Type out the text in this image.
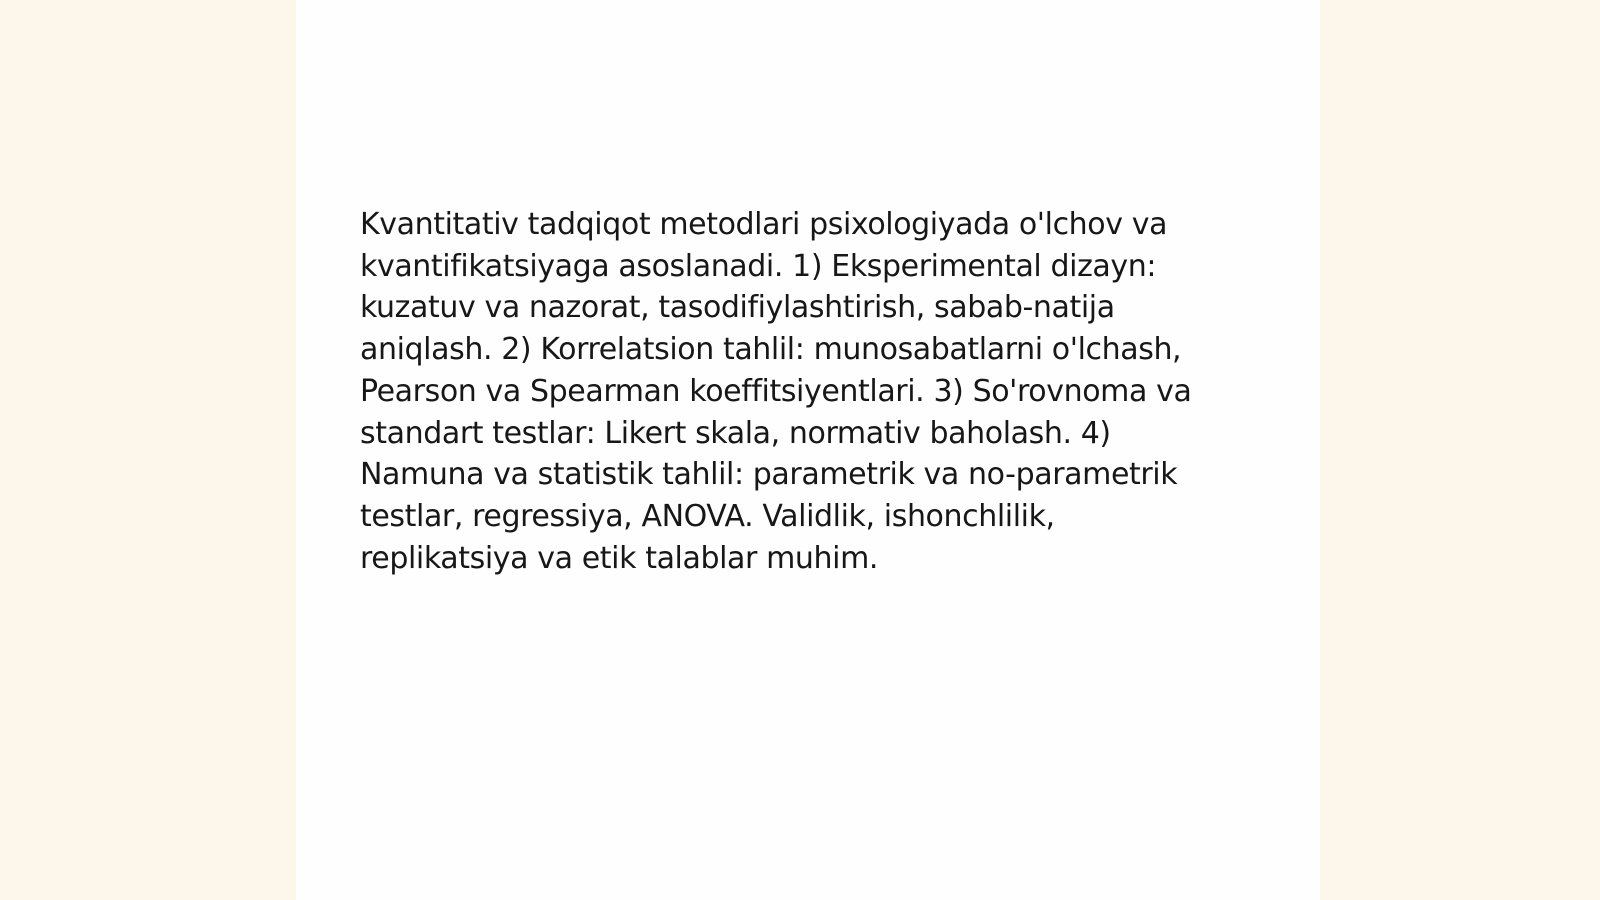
Kvantitativ tadqiqot metodlari psixologiyada o'lchov va kvantifikatsiyaga asoslanadi. 1) Eksperimental dizayn: kuzatuv va nazorat, tasodifiylashtirish, sabab-natija aniqlash. 2) Korrelatsion tahlil: munosabatlarni o'lchash, Pearson va Spearman koeffitsiyentlari. 3) So'rovnoma va standart testlar: Likert skala, normativ baholash. 4) Namuna va statistik tahlil: parametrik va no-parametrik testlar, regressiya, ANOVA. Validlik, ishonchlilik, replikatsiya va etik talablar muhim.
